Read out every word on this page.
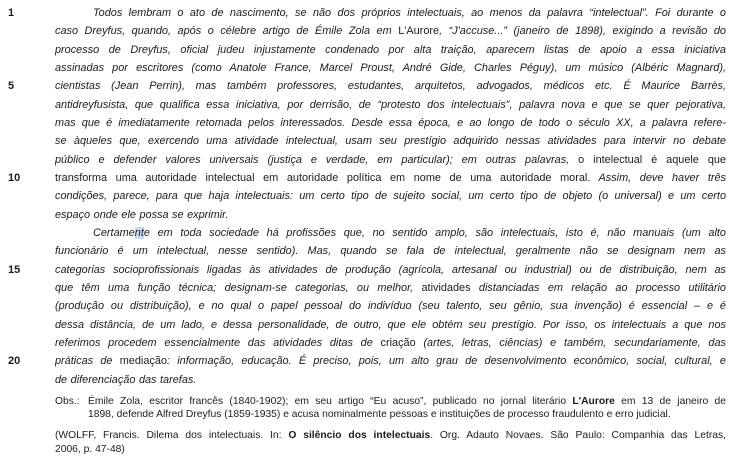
1	Todos lembram o ato de nascimento, se não dos próprios intelectuais, ao menos da palavra “intelectual”. Foi durante o
caso Dreyfus, quando, após o célebre artigo de Émile Zola em L'Aurore, “J'accuse...” (janeiro de 1898), exigindo a revisão do
processo de Dreyfus, oficial judeu injustamente condenado por alta traição, aparecem listas de apoio a essa iniciativa
assinadas por escritores (como Anatole France, Marcel Proust, André Gide, Charles Péguy), um músico (Albéric Magnard),
5	cientistas (Jean Perrin), mas também professores, estudantes, arquitetos, advogados, médicos etc. É Maurice Barrès,
antidreyfusista, que qualifica essa iniciativa, por derrisão, de “protesto dos intelectuais”, palavra nova e que se quer pejorativa,
mas que é imediatamente retomada pelos interessados. Desde essa época, e ao longo de todo o século XX, a palavra refere-
se àqueles que, exercendo uma atividade intelectual, usam seu prestígio adquirido nessas atividades para intervir no debate
público e defender valores universais (justiça e verdade, em particular); em outras palavras, o intelectual é aquele que
10	transforma uma autoridade intelectual em autoridade política em nome de uma autoridade moral. Assim, deve haver três
condições, parece, para que haja intelectuais: um certo tipo de sujeito social, um certo tipo de objeto (o universal) e um certo
espaço onde ele possa se exprimir.
Certamente em toda sociedade há profissões que, no sentido amplo, são intelectuais, isto é, não manuais (um alto
funcionário é um intelectual, nesse sentido). Mas, quando se fala de intelectual, geralmente não se designam nem as
15	categorias socioprofissionais ligadas às atividades de produção (agrícola, artesanal ou industrial) ou de distribuição, nem as
que têm uma função técnica; designam-se categorias, ou melhor, atividades distanciadas em relação ao processo utilitário
(produção ou distribuição), e no qual o papel pessoal do indivíduo (seu talento, seu gênio, sua invenção) é essencial – e é
dessa distância, de um lado, e dessa personalidade, de outro, que ele obtém seu prestígio. Por isso, os intelectuais a que nos
referimos procedem essencialmente das atividades ditas de criação (artes, letras, ciências) e também, secundariamente, das
20	práticas de mediação: informação, educação. É preciso, pois, um alto grau de desenvolvimento econômico, social, cultural, e
de diferenciação das tarefas.
Obs.: Émile Zola, escritor francês (1840-1902); em seu artigo “Eu acuso”, publicado no jornal literário L'Aurore em 13 de janeiro de
1898, defende Alfred Dreyfus (1859-1935) e acusa nominalmente pessoas e instituições de processo fraudulento e erro judicial.
(WOLFF, Francis. Dilema dos intelectuais. In: O silêncio dos intelectuais. Org. Adauto Novaes. São Paulo: Companhia das Letras,
2006, p. 47-48)
